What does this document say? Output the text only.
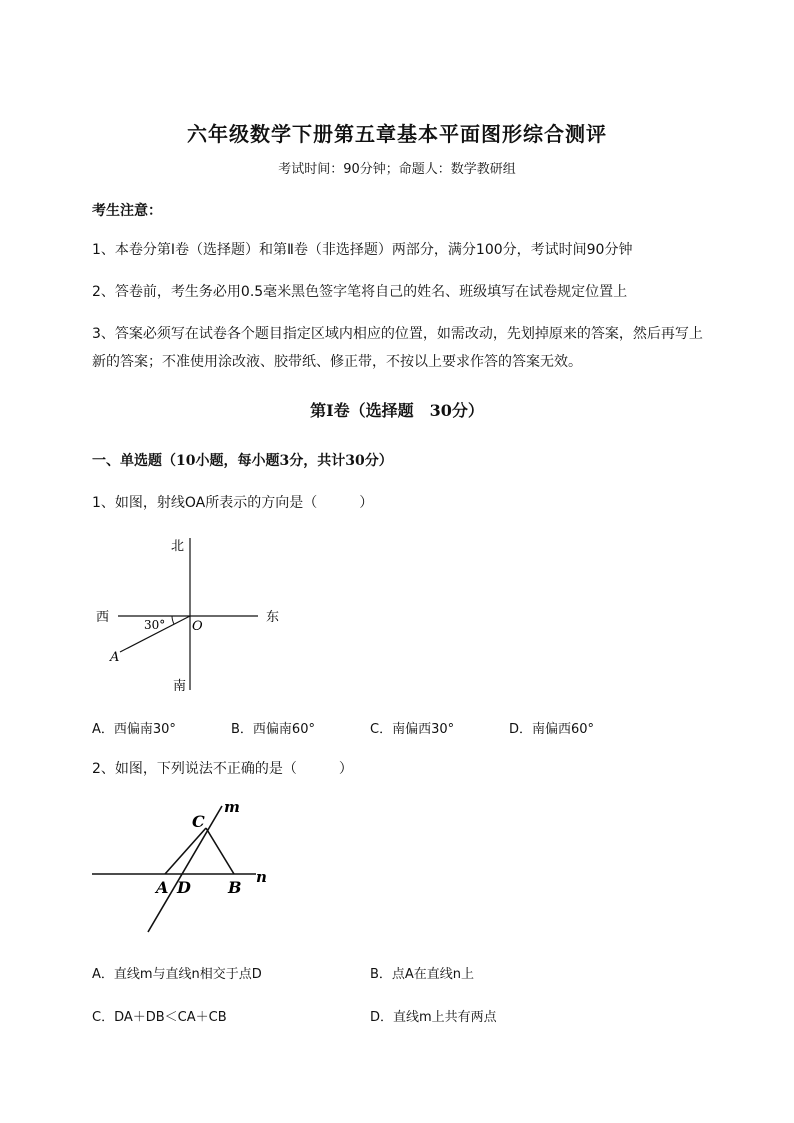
六年级数学下册第五章基本平面图形综合测评
考试时间：90分钟；命题人：数学教研组
考生注意：
1、本卷分第Ⅰ卷（选择题）和第Ⅱ卷（非选择题）两部分，满分100分，考试时间90分钟
2、答卷前，考生务必用0.5毫米黑色签字笔将自己的姓名、班级填写在试卷规定位置上
3、答案必须写在试卷各个题目指定区域内相应的位置，如需改动，先划掉原来的答案，然后再写上新的答案；不准使用涂改液、胶带纸、修正带，不按以上要求作答的答案无效。
第Ⅰ卷（选择题　30分）
一、单选题（10小题，每小题3分，共计30分）
1、如图，射线OA所表示的方向是（　　　）
北
南
西	东
30° O
A
A．西偏南30°	B．西偏南60°	C．南偏西30°	D．南偏西60°
2、如图，下列说法不正确的是（　　　）
C
m
A D B
n
A．直线m与直线n相交于点D	B．点A在直线n上
C．DA＋DB＜CA＋CB	D．直线m上共有两点
